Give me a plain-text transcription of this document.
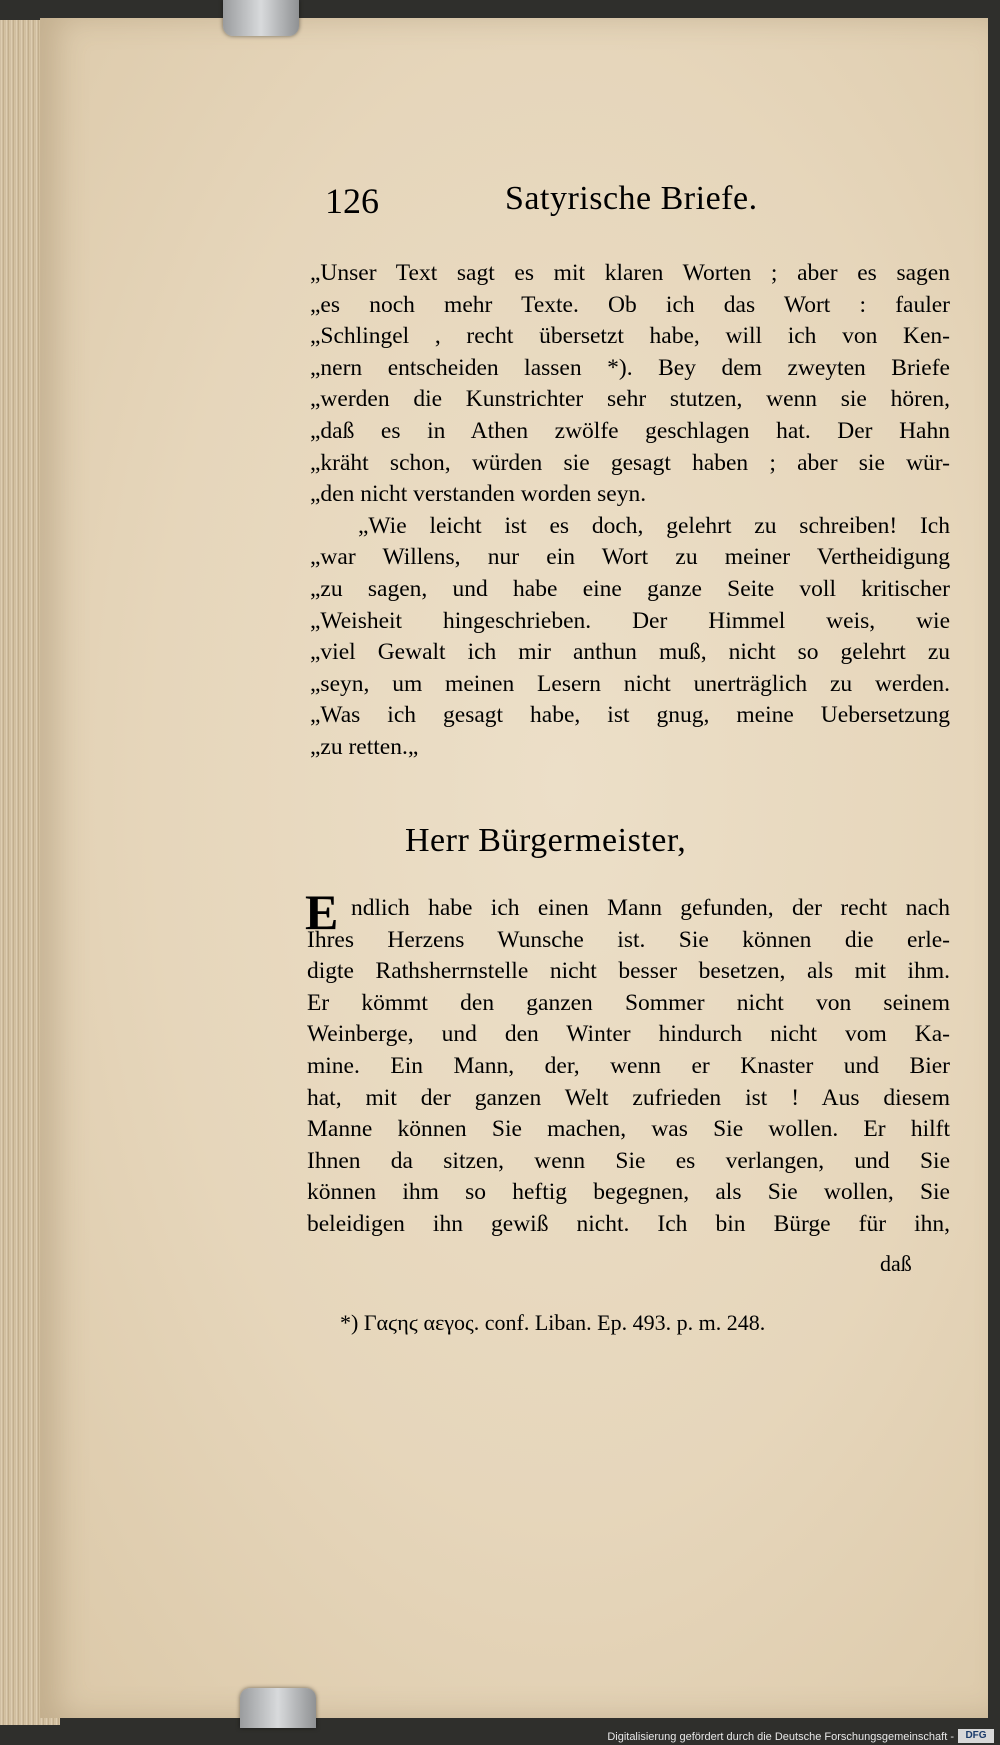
126	Satyrische Briefe.
„Unser Text sagt es mit klaren Worten ; aber es sagen
„es noch mehr Texte. Ob ich das Wort : fauler
„Schlingel , recht übersetzt habe, will ich von Ken-
„nern entscheiden lassen *). Bey dem zweyten Briefe
„werden die Kunstrichter sehr stutzen, wenn sie hören,
„daß es in Athen zwölfe geschlagen hat. Der Hahn
„kräht schon, würden sie gesagt haben ; aber sie wür-
„den nicht verstanden worden seyn.
„Wie leicht ist es doch, gelehrt zu schreiben! Ich
„war Willens, nur ein Wort zu meiner Vertheidigung
„zu sagen, und habe eine ganze Seite voll kritischer
„Weisheit hingeschrieben. Der Himmel weis, wie
„viel Gewalt ich mir anthun muß, nicht so gelehrt zu
„seyn, um meinen Lesern nicht unerträglich zu werden.
„Was ich gesagt habe, ist gnug, meine Uebersetzung
„zu retten.„
Herr Bürgermeister,
E ndlich habe ich einen Mann gefunden, der recht nach
Ihres Herzens Wunsche ist. Sie können die erle-
digte Rathsherrnstelle nicht besser besetzen, als mit ihm.
Er kömmt den ganzen Sommer nicht von seinem
Weinberge, und den Winter hindurch nicht vom Ka-
mine. Ein Mann, der, wenn er Knaster und Bier
hat, mit der ganzen Welt zufrieden ist ! Aus diesem
Manne können Sie machen, was Sie wollen. Er hilft
Ihnen da sitzen, wenn Sie es verlangen, und Sie
können ihm so heftig begegnen, als Sie wollen, Sie
beleidigen ihn gewiß nicht. Ich bin Bürge für ihn,
daß
*) Γαϛηϛ αεγος. conf. Liban. Ep. 493. p. m. 248.
Digitalisierung gefördert durch die Deutsche Forschungsgemeinschaft -	DFG
